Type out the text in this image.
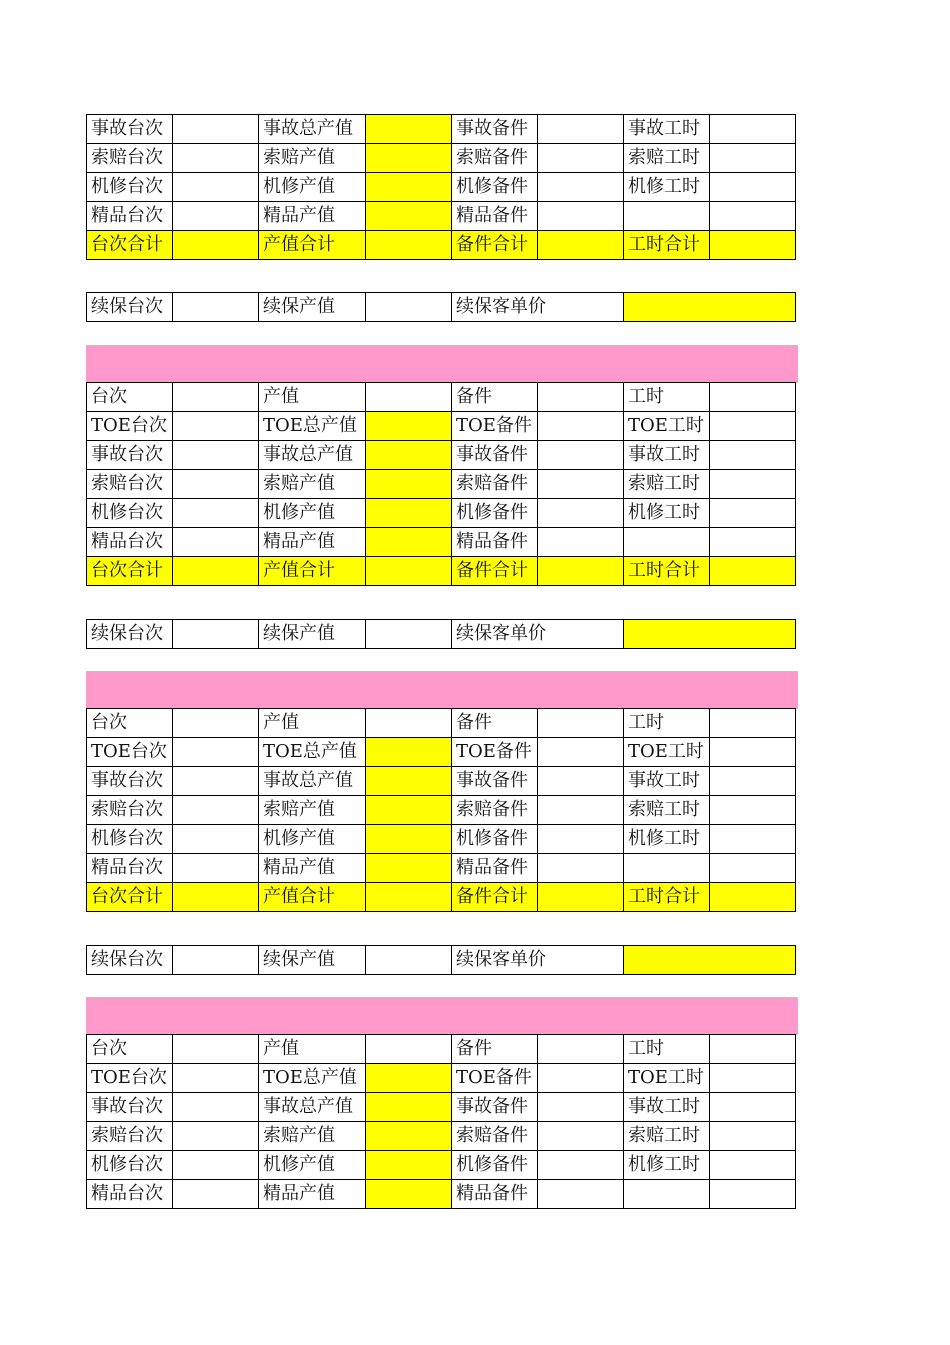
事故台次		事故总产值		事故备件		事故工时	
索赔台次		索赔产值		索赔备件		索赔工时	
机修台次		机修产值		机修备件		机修工时	
精品台次		精品产值		精品备件			
台次合计		产值合计		备件合计		工时合计	
续保台次		续保产值		续保客单价	
台次		产值		备件		工时	
TOE台次		TOE总产值		TOE备件		TOE工时	
事故台次		事故总产值		事故备件		事故工时	
索赔台次		索赔产值		索赔备件		索赔工时	
机修台次		机修产值		机修备件		机修工时	
精品台次		精品产值		精品备件			
台次合计		产值合计		备件合计		工时合计	
续保台次		续保产值		续保客单价	
台次		产值		备件		工时	
TOE台次		TOE总产值		TOE备件		TOE工时	
事故台次		事故总产值		事故备件		事故工时	
索赔台次		索赔产值		索赔备件		索赔工时	
机修台次		机修产值		机修备件		机修工时	
精品台次		精品产值		精品备件			
台次合计		产值合计		备件合计		工时合计	
续保台次		续保产值		续保客单价	
台次		产值		备件		工时	
TOE台次		TOE总产值		TOE备件		TOE工时	
事故台次		事故总产值		事故备件		事故工时	
索赔台次		索赔产值		索赔备件		索赔工时	
机修台次		机修产值		机修备件		机修工时	
精品台次		精品产值		精品备件			
